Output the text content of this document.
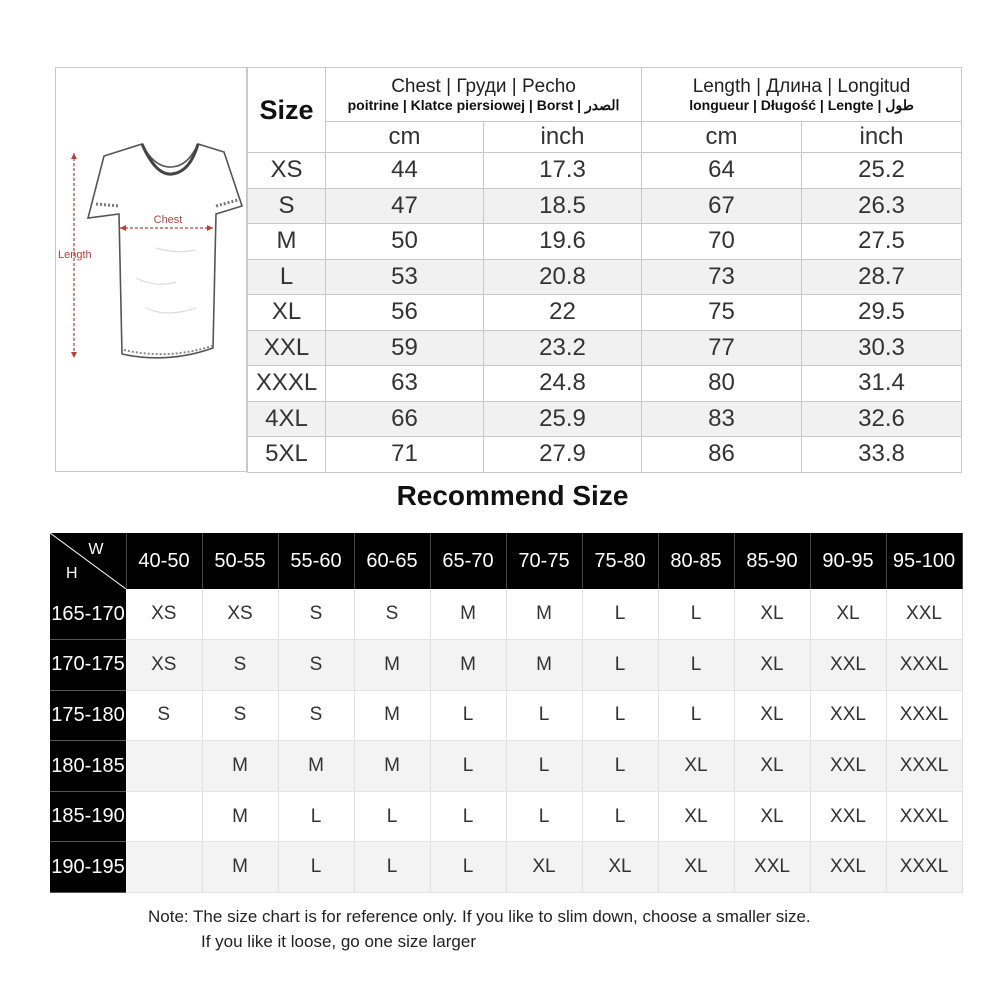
Chest
Length
Size	Chest | Груди | Pecho
poitrine | Klatce piersiowej | Borst | الصدر		Length | Длина | Longitud
longueur | Długość | Lengte | طول	

	cm	inch	cm	inch
XS	44	17.3	64	25.2
S	47	18.5	67	26.3
M	50	19.6	70	27.5
L	53	20.8	73	28.7
XL	56	22	75	29.5
XXL	59	23.2	77	30.3
XXXL	63	24.8	80	31.4
4XL	66	25.9	83	32.6
5XL	71	27.9	86	33.8
Recommend Size
W
H	40-50	50-55	55-60	60-65	65-70	70-75	75-80	80-85	85-90	90-95	95-100
165-170	XS	XS	S	S	M	M	L	L	XL	XL	XXL
170-175	XS	S	S	M	M	M	L	L	XL	XXL	XXXL
175-180	S	S	S	M	L	L	L	L	XL	XXL	XXXL
180-185		M	M	M	L	L	L	XL	XL	XXL	XXXL
185-190		M	L	L	L	L	L	XL	XL	XXL	XXXL
190-195		M	L	L	L	XL	XL	XL	XXL	XXL	XXXL
Note: The size chart is for reference only. If you like to slim down, choose a smaller size.
If you like it loose, go one size larger
